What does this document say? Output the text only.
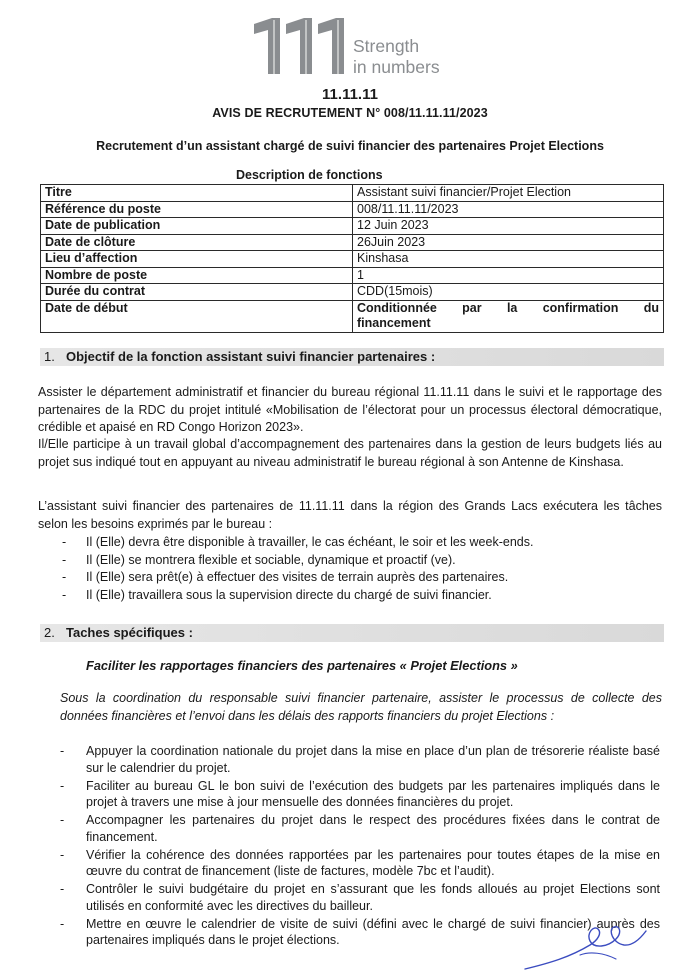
Strength
in numbers
11.11.11
AVIS DE RECRUTEMENT N° 008/11.11.11/2023
Recrutement d’un assistant chargé de suivi financier des partenaires Projet Elections
Description de fonctions
Titre	Assistant suivi financier/Projet Election
Référence du poste	008/11.11.11/2023
Date de publication	12 Juin 2023
Date de clôture	26Juin 2023
Lieu d’affection	Kinshasa
Nombre de poste	1
Durée du contrat	CDD(15mois)
Date de début	Conditionnée par la confirmation du
financement
1. Objectif de la fonction assistant suivi financier partenaires :

Assister le département administratif et financier du bureau régional 11.11.11 dans le suivi et le rapportage des partenaires de la RDC du projet intitulé «Mobilisation de l’électorat pour un processus électoral démocratique, crédible et apaisé en RD Congo Horizon 2023».

Il/Elle participe à un travail global d’accompagnement des partenaires dans la gestion de leurs budgets liés au projet sus indiqué tout en appuyant au niveau administratif le bureau régional à son Antenne de Kinshasa.

L’assistant suivi financier des partenaires de 11.11.11 dans la région des Grands Lacs exécutera les tâches selon les besoins exprimés par le bureau :

- Il (Elle) devra être disponible à travailler, le cas échéant, le soir et les week-ends.
- Il (Elle) se montrera flexible et sociable, dynamique et proactif (ve).
- Il (Elle) sera prêt(e) à effectuer des visites de terrain auprès des partenaires.
- Il (Elle) travaillera sous la supervision directe du chargé de suivi financier.
2. Taches spécifiques :
Faciliter les rapportages financiers des partenaires « Projet Elections »

Sous la coordination du responsable suivi financier partenaire, assister le processus de collecte des données financières et l’envoi dans les délais des rapports financiers du projet Elections :

- Appuyer la coordination nationale du projet dans la mise en place d’un plan de trésorerie réaliste basé sur le calendrier du projet.
- Faciliter au bureau GL le bon suivi de l’exécution des budgets par les partenaires impliqués dans le projet à travers une mise à jour mensuelle des données financières du projet.
- Accompagner les partenaires du projet dans le respect des procédures fixées dans le contrat de financement.
- Vérifier la cohérence des données rapportées par les partenaires pour toutes étapes de la mise en œuvre du contrat de financement (liste de factures, modèle 7bc et l’audit).
- Contrôler le suivi budgétaire du projet en s’assurant que les fonds alloués au projet Elections sont utilisés en conformité avec les directives du bailleur.
- Mettre en œuvre le calendrier de visite de suivi (défini avec le chargé de suivi financier) auprès des partenaires impliqués dans le projet élections.
